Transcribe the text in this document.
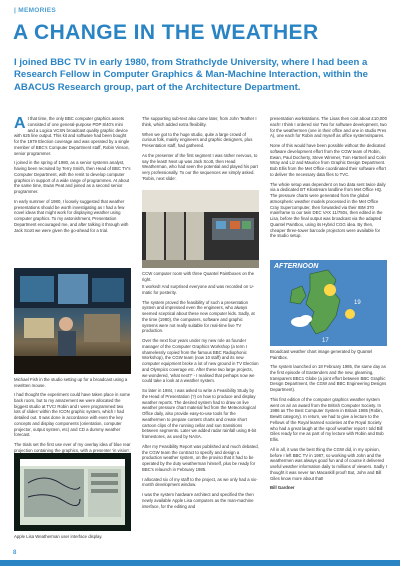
| MEMORIES
A CHANGE IN THE WEATHER

I joined BBC TV in early 1980, from Strathclyde University, where I had been a Research Fellow in Computer Graphics & Man-Machine Interaction, within the ABACUS Research group, part of the Architecture Department.

At that time, the only BBC computer graphics assets consisted of one general-purpose PDP 8/40's mini and a Logica VCSN broadcast quality graphic device with 625 line output. This kit and software had been bought for the 1979 Election coverage and was operated by a single member of BBC's Computer Department staff, Robin Vinson, senior programmer.

I joined in the spring of 1980, as a senior systems analyst, having been recruited by Terry Smith, then Head of BBC TV's Computer Department, with the remit to develop computer graphics in support of a wide range of programmes. At about the same time, Ewan Peat and joined as a second senior programmer.

In early summer of 1980, I loosely suggested that weather presentations should be worth investigating as I had a few novel ideas that might work for displaying weather using computer graphics. To my astonishment, Presentation Department encouraged me, and after talking it through with Jack Scott we were given the go-ahead for a trial.

Michael Fish in the studio setting up for a broadcast using a rewritten mouse.

I had thought the experiment could have taken place in some back room, but to my amazement we were allocated the biggest studio at TVC! Robin and I were programmed two lots of slides' within the ICON graphic system, which I had detailed out. It was done in accordance with even the key concepts and display components (orientation, computer projector, output system, etc) and CD a dummy weather forecast.

The trials set the first use ever of my overlay idea of blue rear projection containing the graphics, with a presenter 'in vision',

Apple Lisa Weatherman user interface display.

The supporting sub-text also came later, from John Teather I think, which added extra flexibility.

When we got to the huge studio, quite a large crowd of curious folk, mainly engineers and graphic designers, plus Presentation staff, had gathered.

As the presenter of the first segment I was rather nervous, to say the least! Next up was Jack Scott, then Head Weatherman, who had seen the potential and played his part very professionally. To our the sequences we simply asked. 'Robin, next slide'.

CCW computer room with three Quantel Paintboxes on the right.

It worked! And surprised everyone and was recorded on U-matic for posterity.

The system proved the feasibility of such a presentation system and impressed even the engineers, who always seemed sceptical about these new computer kids. Sadly, at the time (1980), the computers, software and graphic systems were not really suitable for real-time live TV production.

Over the next four years under my new role as founder manager of the Computer Graphics Workshop (a term I shamelessly copied from the famous BBC Radiophonic Workshop), the CGW team (now 10 staff) and its new computer equipment broke a lot of new ground in TV Election and Olympics coverage etc. After these two large projects, we wondered, 'what next?' - I realised that perhaps now we could take a look at a weather system.

So later in 1984, I was asked to write a Feasibility Study by the Head of Presentation (?) on how to produce and display weather reports. The desired system had to draw on live weather pressure chart material fed from the Meteorological Office daily, also provide easy-to-use tools for the weathermen to prepare content charts and create short cartoon clips of the running cellar and sun transitions between segments. Later we added radar rainfall using 8-bit framestores, as used by NASA.

After my Feasibility Report was published and much debated, the CGW team the contract to specify and design a production weather system, on the proviso that it had to be operated by the duty weatherman himself, plus be ready for BBC's relaunch in February 1985.

I allocated six of my staff to the project, as we only had a six-month development window.

I was the system hardware architect and specified the then newly available Apple Lisa computers as the man-machine interface, for the editing and

presentation workstations. The Lisas then cost about £10,000 each! I think I ordered six! Two for software development, two for the weathermen (one in their office and one in studio Pres A), one each for Robin and myself as office systems/spares.

None of this would have been possible without the dedicated software development effort from the CGW team of Robin, Ewan, Paul Docherty, Steve Wimmer, Tom Hartnell and Colin Wray and Liz and Maurice from Graphic Design Department. Bob Ellis from the Met Office coordinated their software effort to deliver the necessary data files to TVC.

The whole setup was dependent on two data sent twice daily via a dedicated BT Kilostream landline from Met Office HQ. The pressure charts were generated from the global atmospheric weather models processed in the Met Office Cray Supercomputer, then forwarded via their IBM 370 mainframe to our twin DEC VAX 11/750s, then edited in the Lisa, before the final output was broadcast via the adapted Quantel Paintbox, using its Hybrid CGG idea. By then, cheaper three-tower barcode projectors were available for the studio setup.

17
19
AFTERNOON
Broadcast weather chart image generated by Quantel Paintbox.

The system launched on 18 February 1985, the same day as the first episode of Eastenders and the new, gleaming, transparent BBC1 Globe (a joint effort between BBC Graphic Design Department, the CGW and BBC Engineering Designs Department).

This first edition of the computer graphics weather system went on air an award from the British Computer Society. In 1986 as The Best Computer System in Britain 1985 (Robin, Bewitt category). In return, we had to give a lecture to the Fellows of the Royal learned societies at the Royal Society who had a great laugh at the spoof weather report I told Bill Giles ready for me as part of my lecture with Robin and Bob Ellis.

All in all, it was the best thing the CGW did, in my opinion, before I left BBC TV in 1987, so working with John and the weathermen was always good fun and of course it delivered useful weather information daily to millions of viewers. Sadly I thought it was never Ian Macaskill proof! But, John and Bill Giles know more about that!

Bill Gardner

8
